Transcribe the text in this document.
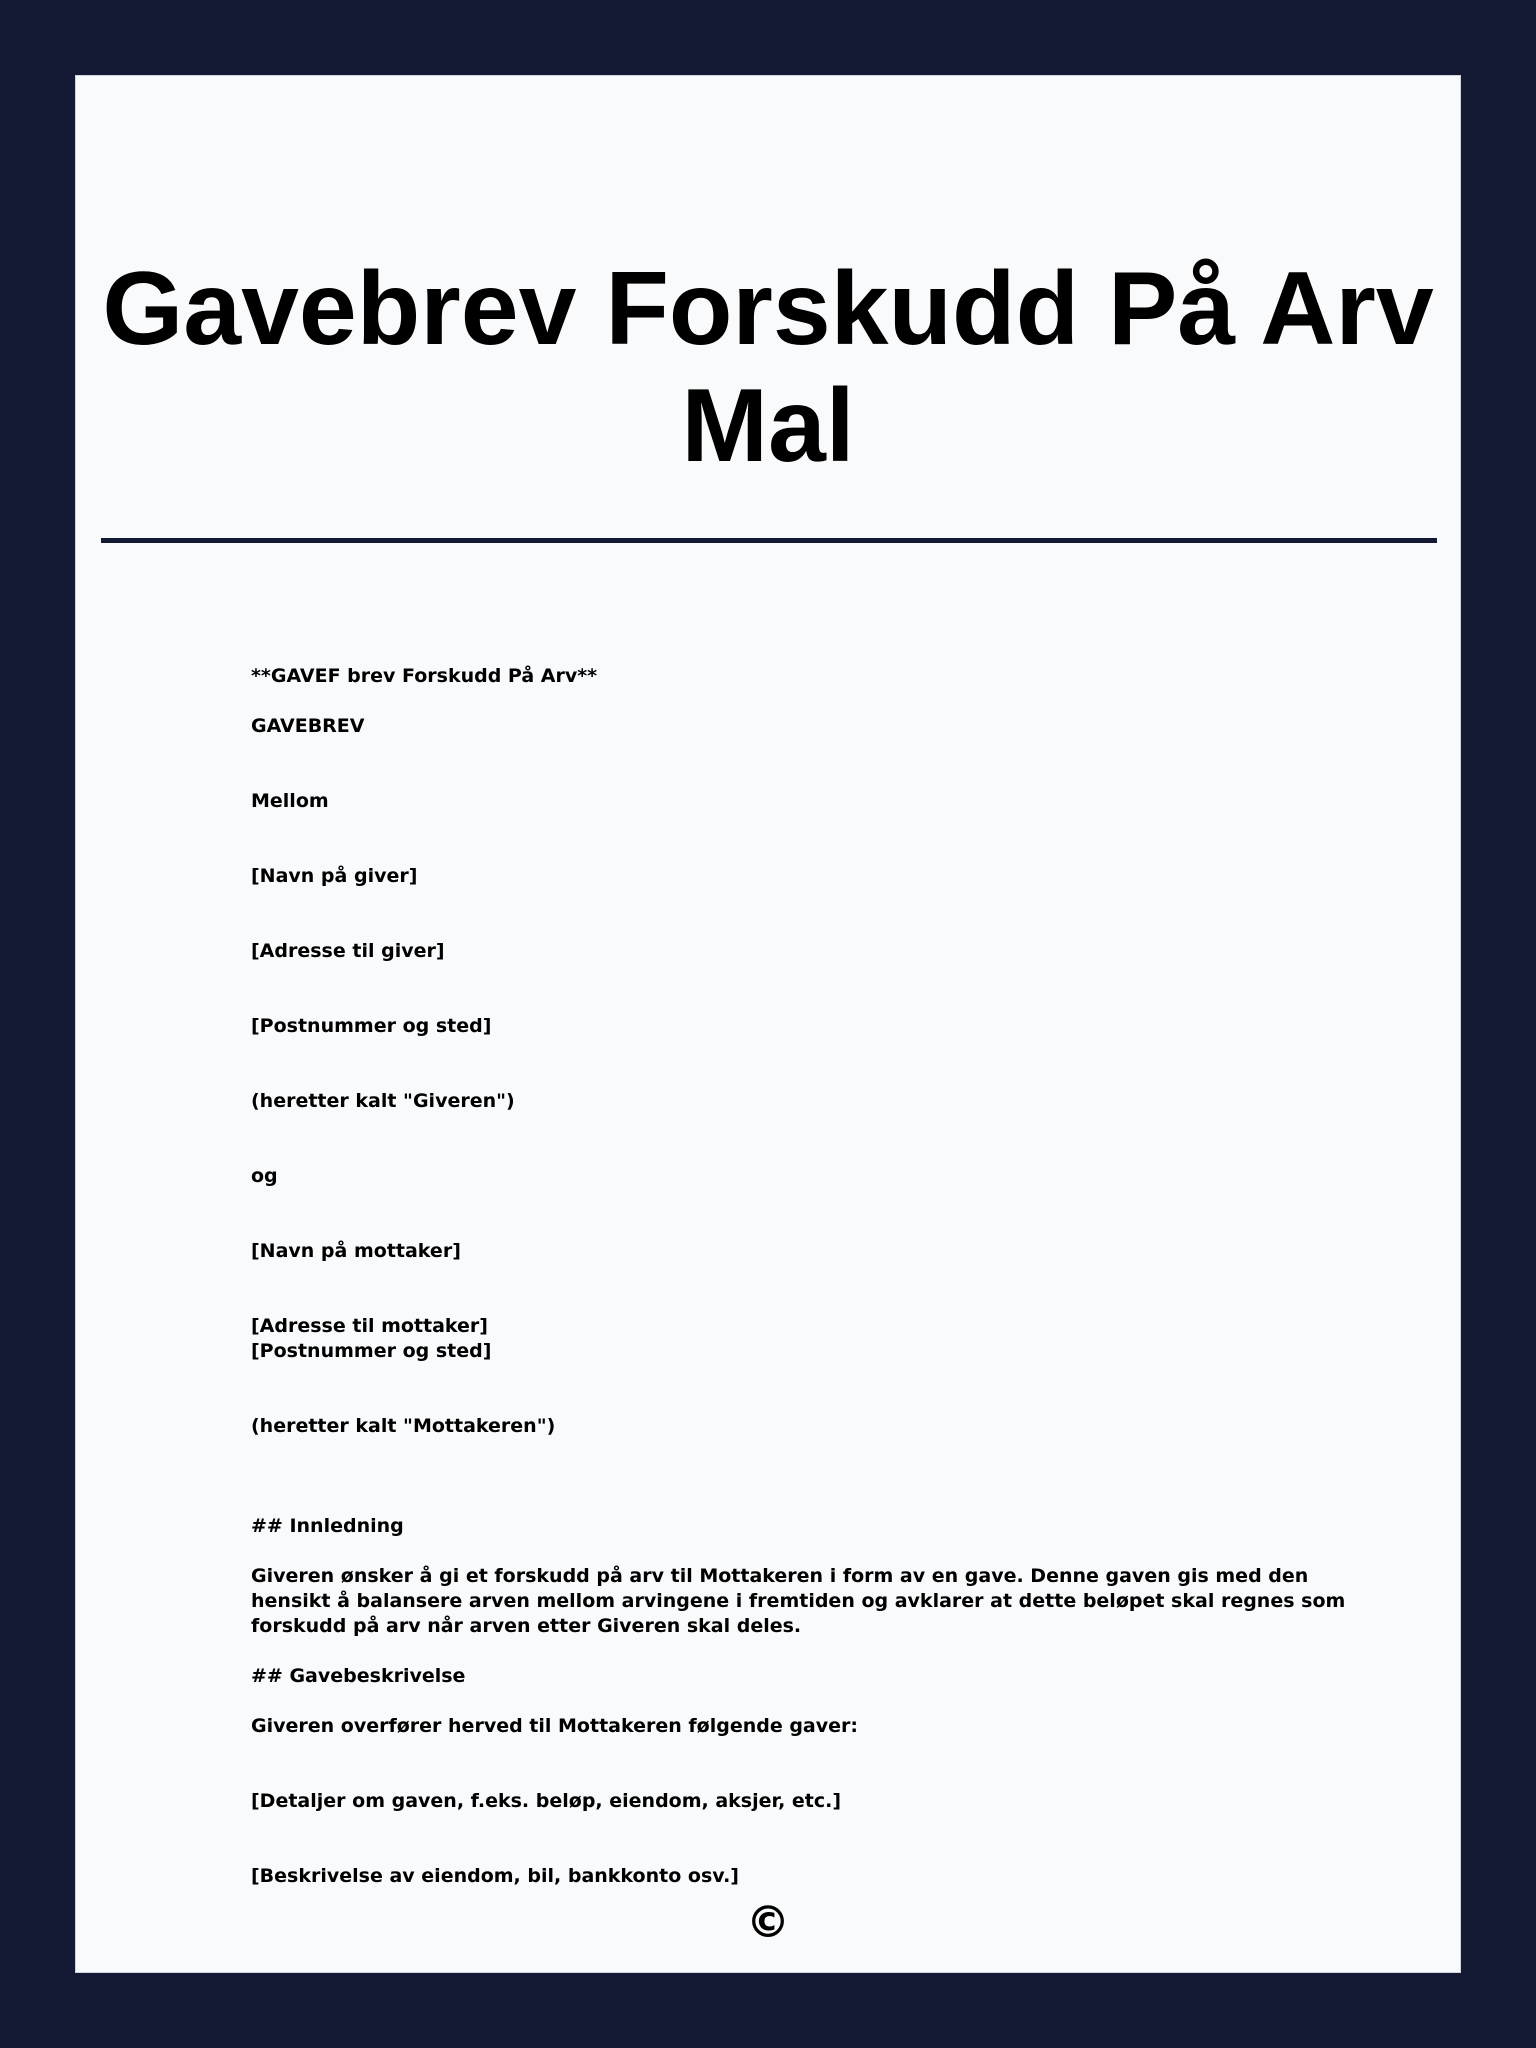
Gavebrev Forskudd På Arv Mal

**GAVEF brev Forskudd På Arv**

GAVEBREV

Mellom

[Navn på giver]

[Adresse til giver]

[Postnummer og sted]

(heretter kalt "Giveren")

og

[Navn på mottaker]

[Adresse til mottaker]
[Postnummer og sted]

(heretter kalt "Mottakeren")

## Innledning

Giveren ønsker å gi et forskudd på arv til Mottakeren i form av en gave. Denne gaven gis med den hensikt å balansere arven mellom arvingene i fremtiden og avklarer at dette beløpet skal regnes som forskudd på arv når arven etter Giveren skal deles.

## Gavebeskrivelse

Giveren overfører herved til Mottakeren følgende gaver:

[Detaljer om gaven, f.eks. beløp, eiendom, aksjer, etc.]

[Beskrivelse av eiendom, bil, bankkonto osv.]

©
